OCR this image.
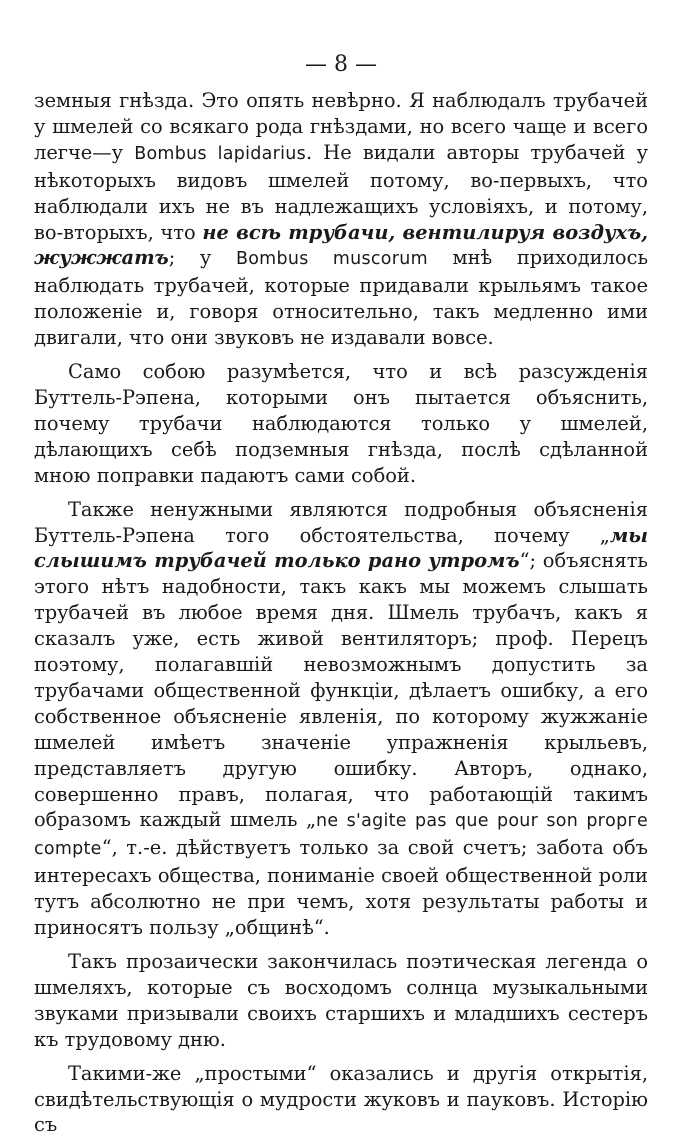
— 8 —

земныя гнѣзда. Это опять невѣрно. Я наблюдалъ трубачей у шмелей со всякаго рода гнѣздами, но всего чаще и всего легче—у Bombus lapidarius. Не видали авторы трубачей у нѣкоторыхъ видовъ шмелей потому, во-первыхъ, что наблюдали ихъ не въ надлежащихъ условіяхъ, и потому, во-вторыхъ, что не всѣ трубачи, вентилируя воздухъ, жужжатъ; у Bombus muscorum мнѣ приходилось наблюдать трубачей, которые придавали крыльямъ такое положеніе и, говоря относительно, такъ медленно ими двигали, что они звуковъ не издавали вовсе.

Само собою разумѣется, что и всѣ разсужденія Буттель-Рэпена, которыми онъ пытается объяснить, почему трубачи наблюдаются только у шмелей, дѣлающихъ себѣ подземныя гнѣзда, послѣ сдѣланной мною поправки падаютъ сами собой.

Также ненужными являются подробныя объясненія Буттель-Рэпена того обстоятельства, почему „мы слышимъ трубачей только рано утромъ“; объяснять этого нѣтъ надобности, такъ какъ мы можемъ слышать трубачей въ любое время дня. Шмель трубачъ, какъ я сказалъ уже, есть живой вентиляторъ; проф. Перецъ поэтому, полагавшій невозможнымъ допустить за трубачами общественной функціи, дѣлаетъ ошибку, а его собственное объясненіе явленія, по которому жужжаніе шмелей имѣетъ значеніе упражненія крыльевъ, представляетъ другую ошибку. Авторъ, однако, совершенно правъ, полагая, что работающій такимъ образомъ каждый шмель „ne s'agite pas que pour son prорге compte“, т.-е. дѣйствуетъ только за свой счетъ; забота объ интересахъ общества, пониманіе своей общественной роли тутъ абсолютно не при чемъ, хотя результаты работы и приносятъ пользу „общинѣ“.

Такъ прозаически закончилась поэтическая легенда о шмеляхъ, которые съ восходомъ солнца музыкальными звуками призывали своихъ старшихъ и младшихъ сестеръ къ трудовому дню.

Такими-же „простыми“ оказались и другія открытія, свидѣтельствующія о мудрости жуковъ и пауковъ. Исторію съ
